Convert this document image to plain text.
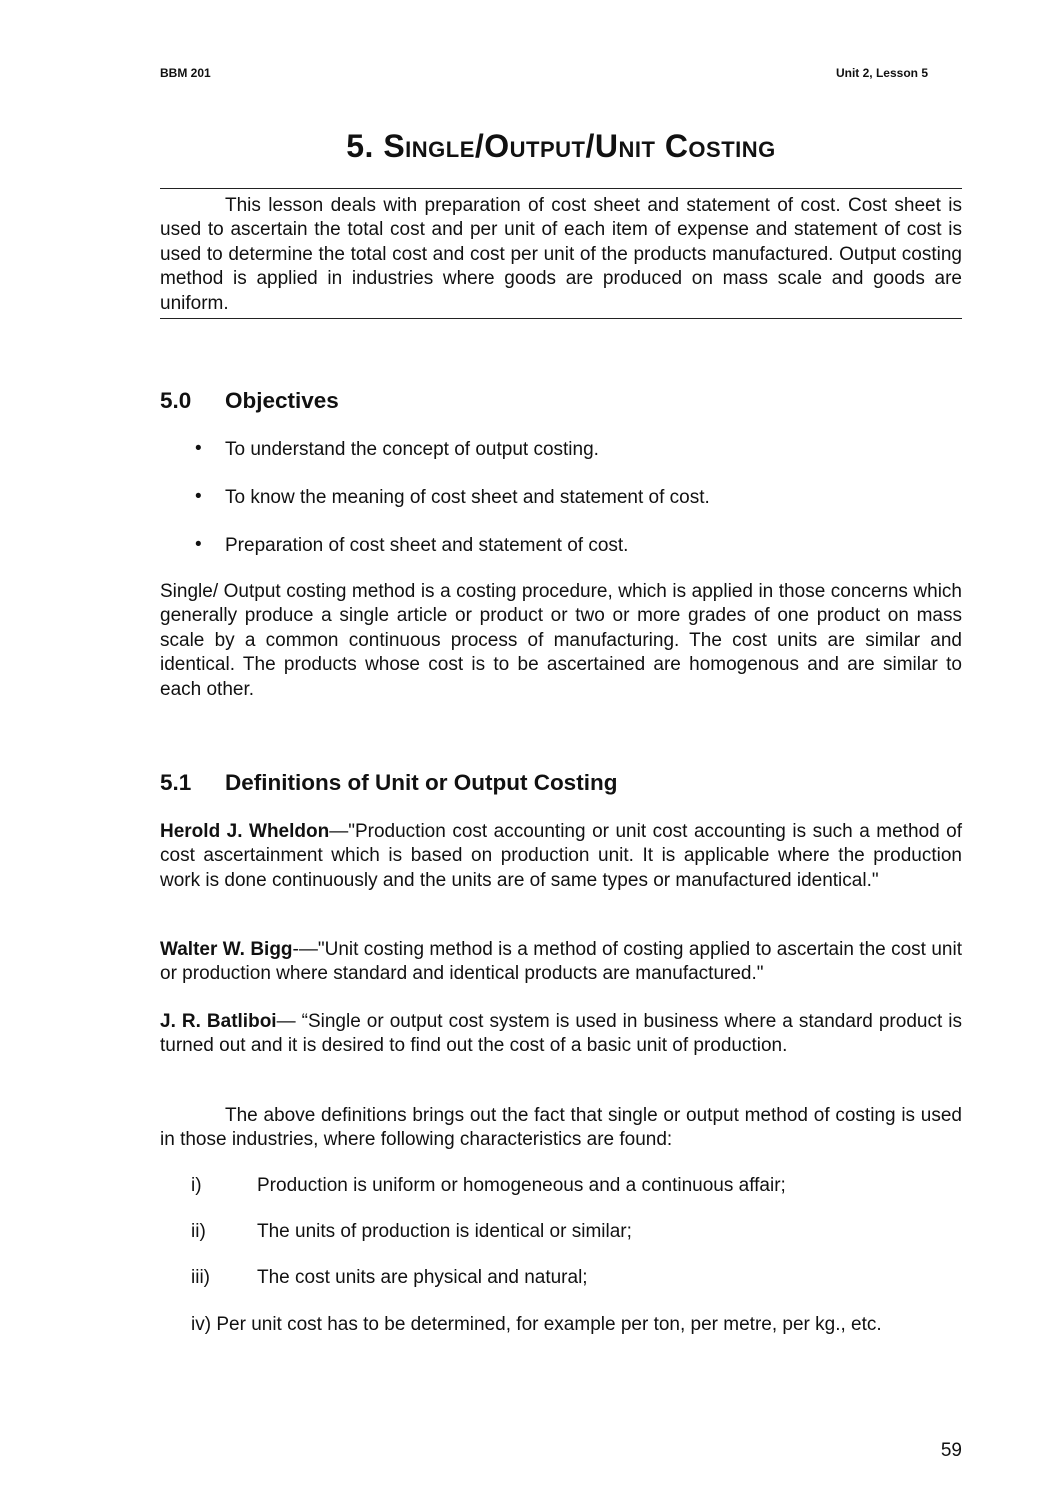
BBM 201	Unit 2, Lesson 5
5. Single/Output/Unit Costing

This lesson deals with preparation of cost sheet and statement of cost. Cost sheet is used to ascertain the total cost and per unit of each item of expense and statement of cost is used to determine the total cost and cost per unit of the products manufactured. Output costing method is applied in industries where goods are produced on mass scale and goods are uniform.

5.0 Objectives
• To understand the concept of output costing.
• To know the meaning of cost sheet and statement of cost.
• Preparation of cost sheet and statement of cost.

Single/ Output costing method is a costing procedure, which is applied in those concerns which generally produce a single article or product or two or more grades of one product on mass scale by a common continuous process of manufacturing. The cost units are similar and identical. The products whose cost is to be ascertained are homogenous and are similar to each other.

5.1 Definitions of Unit or Output Costing

Herold J. Wheldon—"Production cost accounting or unit cost accounting is such a method of cost ascertainment which is based on production unit. It is applicable where the production work is done continuously and the units are of same types or manufactured identical."

Walter W. Bigg-—"Unit costing method is a method of costing applied to ascertain the cost unit or production where standard and identical products are manufactured."

J. R. Batliboi— “Single or output cost system is used in business where a standard product is turned out and it is desired to find out the cost of a basic unit of production.

The above definitions brings out the fact that single or output method of costing is used in those industries, where following characteristics are found:

i)	Production is uniform or homogeneous and a continuous affair;
ii)	The units of production is identical or similar;
iii) The cost units are physical and natural;
iv) Per unit cost has to be determined, for example per ton, per metre, per kg., etc.
59
